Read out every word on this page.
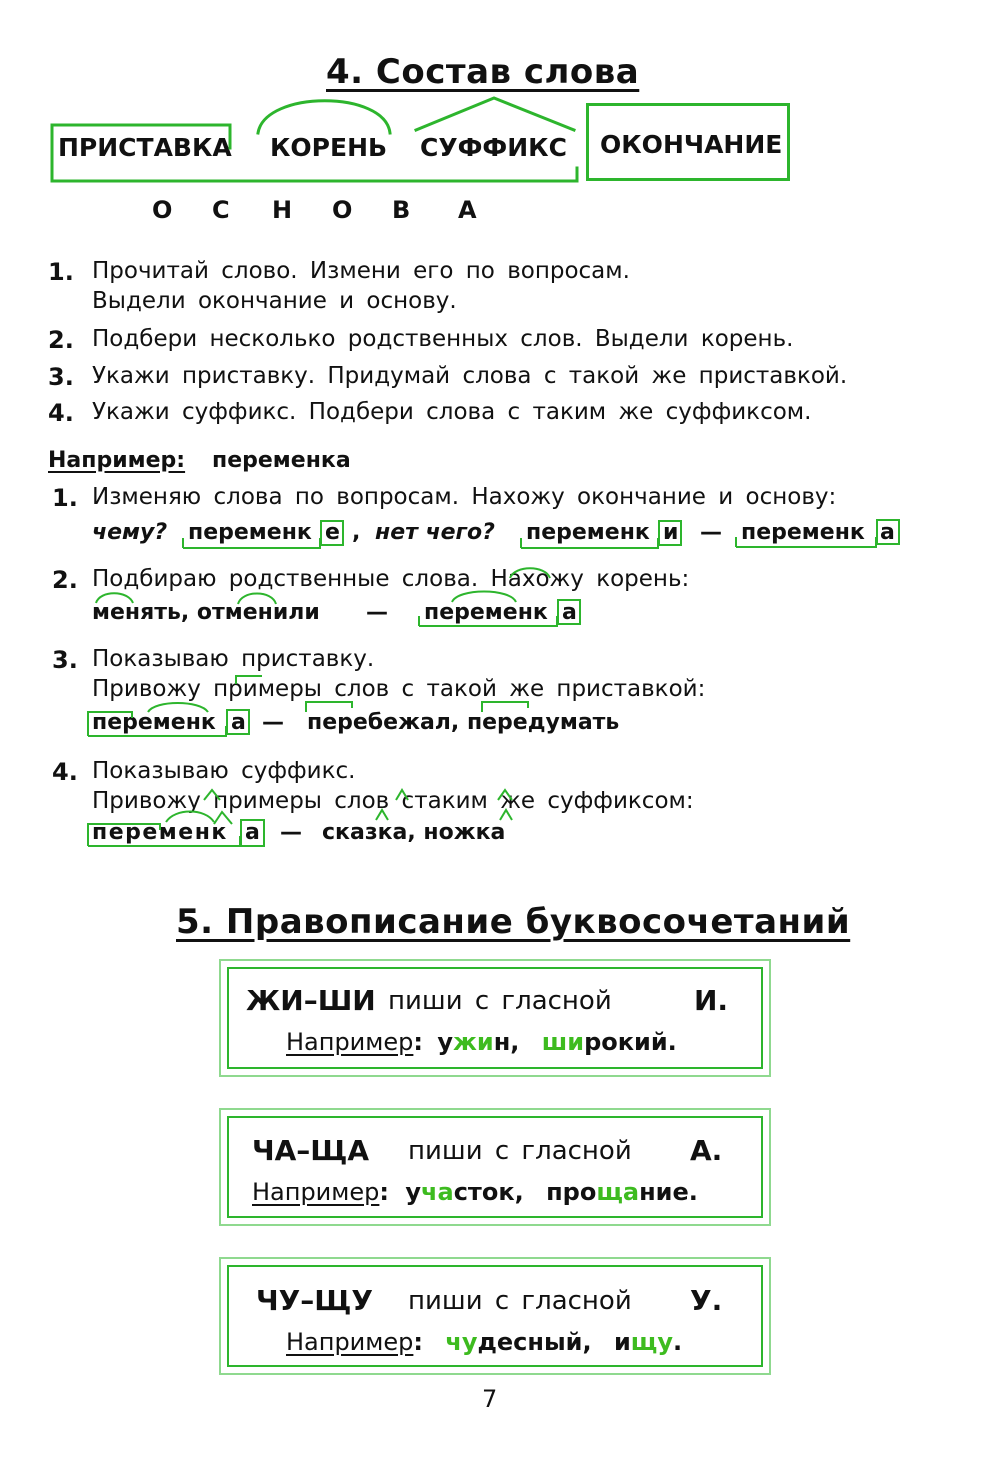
4. Состав слова
ПРИСТАВКА КОРЕНЬ СУФФИКС ОКОНЧАНИЕ
О С Н О В А
1. Прочитай слово. Измени его по вопросам.
Выдели окончание и основу.
2. Подбери несколько родственных слов. Выдели корень.
3. Укажи приставку. Придумай слова с такой же приставкой.
4. Укажи суффикс. Подбери слова с таким же суффиксом.
Например: переменка
1. Изменяю слова по вопросам. Нахожу окончание и основу:
чему? переменк е , нет чего? переменк и — переменк а
2. Подбираю родственные слова. Нахожу корень:
менять, отменили — переменк а
3. Показываю приставку.
Привожу примеры слов с такой же приставкой:
переменк а — перебежал, передумать
4. Показываю суффикс.
Привожу примеры слов стаким же суффиксом:
переменк а — сказка, ножка
5. Правописание буквосочетаний
ЖИ–ШИ пиши с гласной	И.
Например: ужин, широкий.
ЧА–ЩА пиши с гласной А.
Например: участок, прощание.
ЧУ–ЩУ пиши с гласной У.
Например: чудесный, ищу.
7
